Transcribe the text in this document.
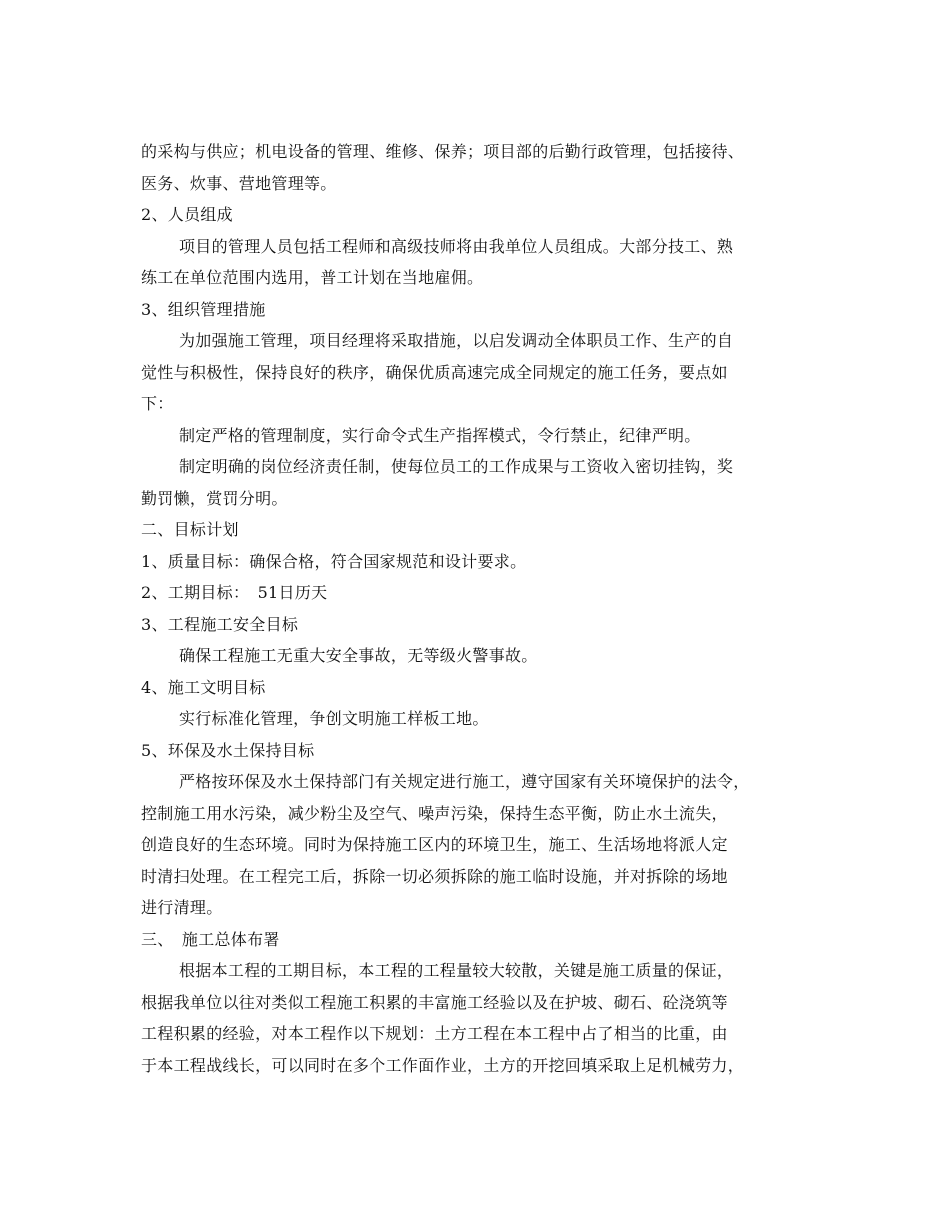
的采构与供应；机电设备的管理、维修、保养；项目部的后勤行政管理，包括接待、
医务、炊事、营地管理等。
2、人员组成
项目的管理人员包括工程师和高级技师将由我单位人员组成。大部分技工、熟
练工在单位范围内选用，普工计划在当地雇佣。
3、组织管理措施
为加强施工管理，项目经理将采取措施，以启发调动全体职员工作、生产的自
觉性与积极性，保持良好的秩序，确保优质高速完成全同规定的施工任务，要点如
下：
制定严格的管理制度，实行命令式生产指挥模式，令行禁止，纪律严明。
制定明确的岗位经济责任制，使每位员工的工作成果与工资收入密切挂钩，奖
勤罚懒，赏罚分明。
二、目标计划
1、质量目标：确保合格，符合国家规范和设计要求。
2、工期目标：　51日历天
3、工程施工安全目标
确保工程施工无重大安全事故，无等级火警事故。
4、施工文明目标
实行标准化管理，争创文明施工样板工地。
5、环保及水土保持目标
严格按环保及水土保持部门有关规定进行施工，遵守国家有关环境保护的法令，
控制施工用水污染，减少粉尘及空气、噪声污染，保持生态平衡，防止水土流失，
创造良好的生态环境。同时为保持施工区内的环境卫生，施工、生活场地将派人定
时清扫处理。在工程完工后，拆除一切必须拆除的施工临时设施，并对拆除的场地
进行清理。
三、　施工总体布署
根据本工程的工期目标，本工程的工程量较大较散，关键是施工质量的保证，
根据我单位以往对类似工程施工积累的丰富施工经验以及在护坡、砌石、砼浇筑等
工程积累的经验，对本工程作以下规划：土方工程在本工程中占了相当的比重，由
于本工程战线长，可以同时在多个工作面作业，土方的开挖回填采取上足机械劳力，
